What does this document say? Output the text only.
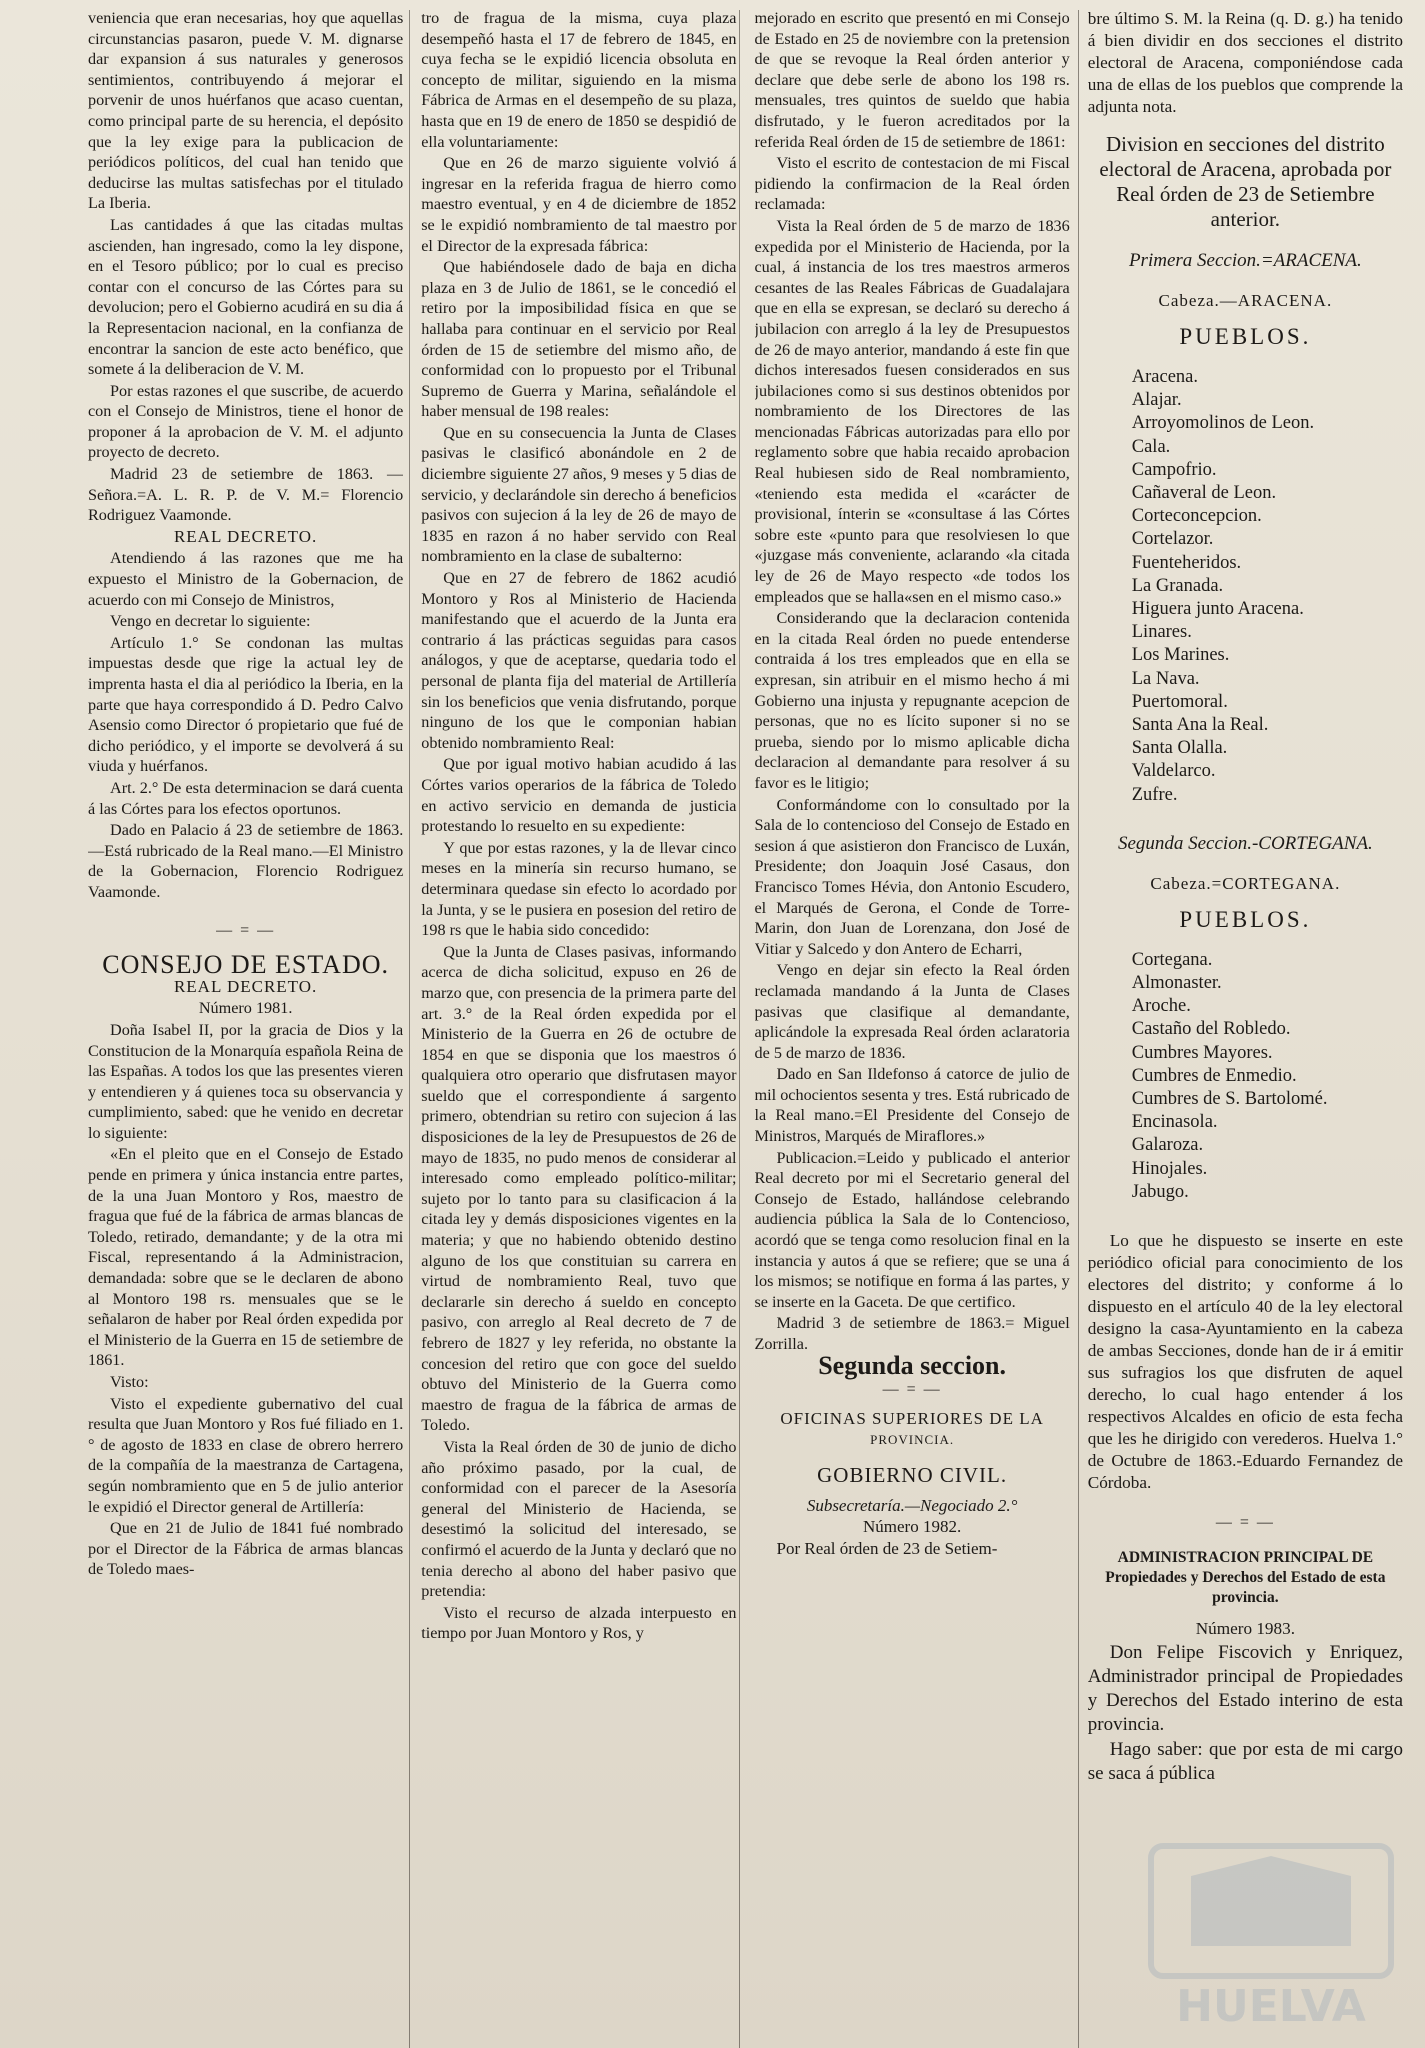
veniencia que eran necesarias, hoy que aquellas circunstancias pasaron, puede V. M. dignarse dar expansion á sus naturales y generosos sentimientos, contribuyendo á mejorar el porvenir de unos huérfanos que acaso cuentan, como principal parte de su herencia, el depósito que la ley exige para la publicacion de periódicos políticos, del cual han tenido que deducirse las multas satisfechas por el titulado La Iberia.

Las cantidades á que las citadas multas ascienden, han ingresado, como la ley dispone, en el Tesoro público; por lo cual es preciso contar con el concurso de las Córtes para su devolucion; pero el Gobierno acudirá en su dia á la Representacion nacional, en la confianza de encontrar la sancion de este acto benéfico, que somete á la deliberacion de V. M.

Por estas razones el que suscribe, de acuerdo con el Consejo de Ministros, tiene el honor de proponer á la aprobacion de V. M. el adjunto proyecto de decreto.

Madrid 23 de setiembre de 1863. —Señora.=A. L. R. P. de V. M.= Florencio Rodriguez Vaamonde.

REAL DECRETO.

Atendiendo á las razones que me ha expuesto el Ministro de la Gobernacion, de acuerdo con mi Consejo de Ministros,

Vengo en decretar lo siguiente:

Artículo 1.° Se condonan las multas impuestas desde que rige la actual ley de imprenta hasta el dia al periódico la Iberia, en la parte que haya correspondido á D. Pedro Calvo Asensio como Director ó propietario que fué de dicho periódico, y el importe se devolverá á su viuda y huérfanos.

Art. 2.° De esta determinacion se dará cuenta á las Córtes para los efectos oportunos.

Dado en Palacio á 23 de setiembre de 1863.—Está rubricado de la Real mano.—El Ministro de la Gobernacion, Florencio Rodriguez Vaamonde.

— = —

CONSEJO DE ESTADO.

REAL DECRETO.

Número 1981.

Doña Isabel II, por la gracia de Dios y la Constitucion de la Monarquía española Reina de las Españas. A todos los que las presentes vieren y entendieren y á quienes toca su observancia y cumplimiento, sabed: que he venido en decretar lo siguiente:

«En el pleito que en el Consejo de Estado pende en primera y única instancia entre partes, de la una Juan Montoro y Ros, maestro de fragua que fué de la fábrica de armas blancas de Toledo, retirado, demandante; y de la otra mi Fiscal, representando á la Administracion, demandada: sobre que se le declaren de abono al Montoro 198 rs. mensuales que se le señalaron de haber por Real órden expedida por el Ministerio de la Guerra en 15 de setiembre de 1861.

Visto:

Visto el expediente gubernativo del cual resulta que Juan Montoro y Ros fué filiado en 1.° de agosto de 1833 en clase de obrero herrero de la compañía de la maestranza de Cartagena, según nombramiento que en 5 de julio anterior le expidió el Director general de Artillería:

Que en 21 de Julio de 1841 fué nombrado por el Director de la Fábrica de armas blancas de Toledo maes-

tro de fragua de la misma, cuya plaza desempeñó hasta el 17 de febrero de 1845, en cuya fecha se le expidió licencia obsoluta en concepto de militar, siguiendo en la misma Fábrica de Armas en el desempeño de su plaza, hasta que en 19 de enero de 1850 se despidió de ella voluntariamente:

Que en 26 de marzo siguiente volvió á ingresar en la referida fragua de hierro como maestro eventual, y en 4 de diciembre de 1852 se le expidió nombramiento de tal maestro por el Director de la expresada fábrica:

Que habiéndosele dado de baja en dicha plaza en 3 de Julio de 1861, se le concedió el retiro por la imposibilidad física en que se hallaba para continuar en el servicio por Real órden de 15 de setiembre del mismo año, de conformidad con lo propuesto por el Tribunal Supremo de Guerra y Marina, señalándole el haber mensual de 198 reales:

Que en su consecuencia la Junta de Clases pasivas le clasificó abonándole en 2 de diciembre siguiente 27 años, 9 meses y 5 dias de servicio, y declarándole sin derecho á beneficios pasivos con sujecion á la ley de 26 de mayo de 1835 en razon á no haber servido con Real nombramiento en la clase de subalterno:

Que en 27 de febrero de 1862 acudió Montoro y Ros al Ministerio de Hacienda manifestando que el acuerdo de la Junta era contrario á las prácticas seguidas para casos análogos, y que de aceptarse, quedaria todo el personal de planta fija del material de Artillería sin los beneficios que venia disfrutando, porque ninguno de los que le componian habian obtenido nombramiento Real:

Que por igual motivo habian acudido á las Córtes varios operarios de la fábrica de Toledo en activo servicio en demanda de justicia protestando lo resuelto en su expediente:

Y que por estas razones, y la de llevar cinco meses en la minería sin recurso humano, se determinara quedase sin efecto lo acordado por la Junta, y se le pusiera en posesion del retiro de 198 rs que le habia sido concedido:

Que la Junta de Clases pasivas, informando acerca de dicha solicitud, expuso en 26 de marzo que, con presencia de la primera parte del art. 3.° de la Real órden expedida por el Ministerio de la Guerra en 26 de octubre de 1854 en que se disponia que los maestros ó qualquiera otro operario que disfrutasen mayor sueldo que el correspondiente á sargento primero, obtendrian su retiro con sujecion á las disposiciones de la ley de Presupuestos de 26 de mayo de 1835, no pudo menos de considerar al interesado como empleado político-militar; sujeto por lo tanto para su clasificacion á la citada ley y demás disposiciones vigentes en la materia; y que no habiendo obtenido destino alguno de los que constituian su carrera en virtud de nombramiento Real, tuvo que declararle sin derecho á sueldo en concepto pasivo, con arreglo al Real decreto de 7 de febrero de 1827 y ley referida, no obstante la concesion del retiro que con goce del sueldo obtuvo del Ministerio de la Guerra como maestro de fragua de la fábrica de armas de Toledo.

Vista la Real órden de 30 de junio de dicho año próximo pasado, por la cual, de conformidad con el parecer de la Asesoría general del Ministerio de Hacienda, se desestimó la solicitud del interesado, se confirmó el acuerdo de la Junta y declaró que no tenia derecho al abono del haber pasivo que pretendia:

Visto el recurso de alzada interpuesto en tiempo por Juan Montoro y Ros, y

mejorado en escrito que presentó en mi Consejo de Estado en 25 de noviembre con la pretension de que se revoque la Real órden anterior y declare que debe serle de abono los 198 rs. mensuales, tres quintos de sueldo que habia disfrutado, y le fueron acreditados por la referida Real órden de 15 de setiembre de 1861:

Visto el escrito de contestacion de mi Fiscal pidiendo la confirmacion de la Real órden reclamada:

Vista la Real órden de 5 de marzo de 1836 expedida por el Ministerio de Hacienda, por la cual, á instancia de los tres maestros armeros cesantes de las Reales Fábricas de Guadalajara que en ella se expresan, se declaró su derecho á jubilacion con arreglo á la ley de Presupuestos de 26 de mayo anterior, mandando á este fin que dichos interesados fuesen considerados en sus jubilaciones como si sus destinos obtenidos por nombramiento de los Directores de las mencionadas Fábricas autorizadas para ello por reglamento sobre que habia recaido aprobacion Real hubiesen sido de Real nombramiento, «teniendo esta medida el «carácter de provisional, ínterin se «consultase á las Córtes sobre este «punto para que resolviesen lo que «juzgase más conveniente, aclarando «la citada ley de 26 de Mayo respecto «de todos los empleados que se halla«sen en el mismo caso.»

Considerando que la declaracion contenida en la citada Real órden no puede entenderse contraida á los tres empleados que en ella se expresan, sin atribuir en el mismo hecho á mi Gobierno una injusta y repugnante acepcion de personas, que no es lícito suponer si no se prueba, siendo por lo mismo aplicable dicha declaracion al demandante para resolver á su favor es le litigio;

Conformándome con lo consultado por la Sala de lo contencioso del Consejo de Estado en sesion á que asistieron don Francisco de Luxán, Presidente; don Joaquin José Casaus, don Francisco Tomes Hévia, don Antonio Escudero, el Marqués de Gerona, el Conde de Torre-Marin, don Juan de Lorenzana, don José de Vitiar y Salcedo y don Antero de Echarri,

Vengo en dejar sin efecto la Real órden reclamada mandando á la Junta de Clases pasivas que clasifique al demandante, aplicándole la expresada Real órden aclaratoria de 5 de marzo de 1836.

Dado en San Ildefonso á catorce de julio de mil ochocientos sesenta y tres. Está rubricado de la Real mano.=El Presidente del Consejo de Ministros, Marqués de Miraflores.»

Publicacion.=Leido y publicado el anterior Real decreto por mi el Secretario general del Consejo de Estado, hallándose celebrando audiencia pública la Sala de lo Contencioso, acordó que se tenga como resolucion final en la instancia y autos á que se refiere; que se una á los mismos; se notifique en forma á las partes, y se inserte en la Gaceta. De que certifico.

Madrid 3 de setiembre de 1863.= Miguel Zorrilla.

Segunda seccion.

— = —

OFICINAS SUPERIORES DE LA

PROVINCIA.

GOBIERNO CIVIL.

Subsecretaría.—Negociado 2.°

Número 1982.

Por Real órden de 23 de Setiem-

bre último S. M. la Reina (q. D. g.) ha tenido á bien dividir en dos secciones el distrito electoral de Aracena, componiéndose cada una de ellas de los pueblos que comprende la adjunta nota.

Division en secciones del distrito electoral de Aracena, aprobada por Real órden de 23 de Setiembre anterior.
Primera Seccion.=ARACENA.
Cabeza.—ARACENA.
PUEBLOS.
Aracena.
Alajar.
Arroyomolinos de Leon.
Cala.
Campofrio.
Cañaveral de Leon.
Corteconcepcion.
Cortelazor.
Fuenteheridos.
La Granada.
Higuera junto Aracena.
Linares.
Los Marines.
La Nava.
Puertomoral.
Santa Ana la Real.
Santa Olalla.
Valdelarco.
Zufre.
Segunda Seccion.-CORTEGANA.
Cabeza.=CORTEGANA.
PUEBLOS.
Cortegana.
Almonaster.
Aroche.
Castaño del Robledo.
Cumbres Mayores.
Cumbres de Enmedio.
Cumbres de S. Bartolomé.
Encinasola.
Galaroza.
Hinojales.
Jabugo.

Lo que he dispuesto se inserte en este periódico oficial para conocimiento de los electores del distrito; y conforme á lo dispuesto en el artículo 40 de la ley electoral designo la casa-Ayuntamiento en la cabeza de ambas Secciones, donde han de ir á emitir sus sufragios los que disfruten de aquel derecho, lo cual hago entender á los respectivos Alcaldes en oficio de esta fecha que les he dirigido con verederos. Huelva 1.° de Octubre de 1863.-Eduardo Fernandez de Córdoba.

— = —
ADMINISTRACION PRINCIPAL DE Propiedades y Derechos del Estado de esta provincia.

Número 1983.

Don Felipe Fiscovich y Enriquez, Administrador principal de Propiedades y Derechos del Estado interino de esta provincia.

Hago saber: que por esta de mi cargo se saca á pública

HUELVA
